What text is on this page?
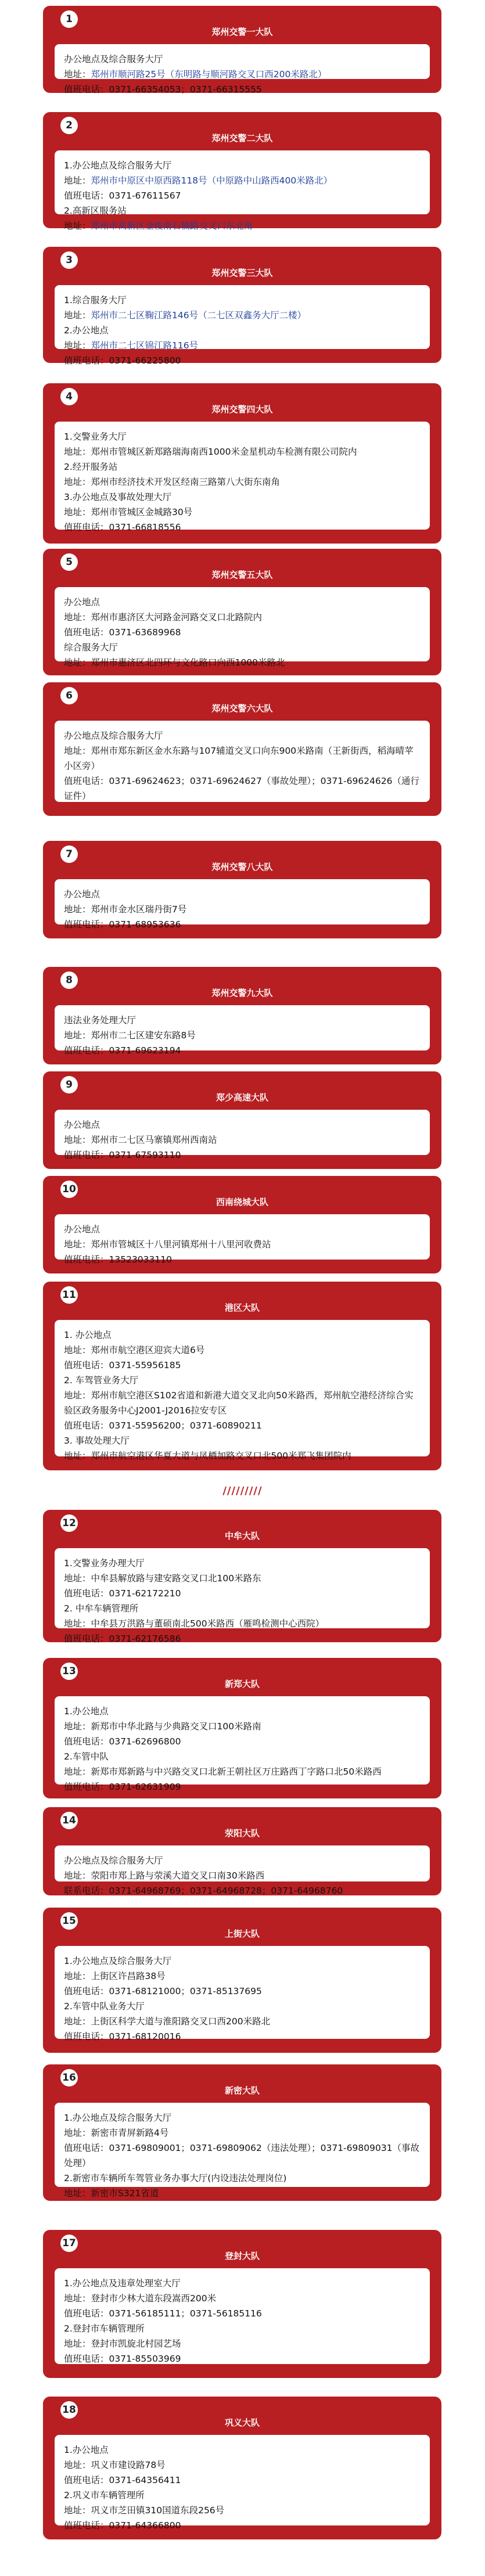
1
郑州交警一大队
办公地点及综合服务大厅
地址：郑州市顺河路25号（东明路与顺河路交叉口西200米路北）
值班电话：0371-66354053；0371-66315555
2
郑州交警二大队
1.办公地点及综合服务大厅
地址：郑州市中原区中原西路118号（中原路中山路西400米路北）
值班电话：0371-67611567
2.高新区服务站
地址：郑州市高新区金梭南石楠路交叉口东北角
3
郑州交警三大队
1.综合服务大厅
地址：郑州市二七区鞠江路146号（二七区双鑫务大厅二楼）
2.办公地点
地址：郑州市二七区锦江路116号
值班电话：0371-66225800
4
郑州交警四大队
1.交警业务大厅
地址：郑州市管城区新郑路瑞海南西1000米金星机动车检测有限公司院内
2.经开服务站
地址：郑州市经济技术开发区经南三路第八大街东南角
3.办公地点及事故处理大厅
地址：郑州市管城区金城路30号
值班电话：0371-66818556
5
郑州交警五大队
办公地点
地址：郑州市惠济区大河路金河路交叉口北路院内
值班电话：0371-63689968
综合服务大厅
地址：郑州市惠济区北四环与文化路口向西1000米路北
6
郑州交警六大队
办公地点及综合服务大厅
地址：郑州市郑东新区金水东路与107辅道交叉口向东900米路南（王新街西，稻海晴苹小区旁）
值班电话：0371-69624623；0371-69624627（事故处理）；0371-69624626（通行证件）
7
郑州交警八大队
办公地点
地址：郑州市金水区瑞丹街7号
值班电话：0371-68953636
8
郑州交警九大队
违法业务处理大厅
地址：郑州市二七区建安东路8号
值班电话：0371-69623194
9
郑少高速大队
办公地点
地址：郑州市二七区马寨镇郑州西南站
值班电话：0371-67593110
10
西南绕城大队
办公地点
地址：郑州市管城区十八里河镇郑州十八里河收费站
值班电话：13523033110
11
港区大队
1. 办公地点
地址：郑州市航空港区迎宾大道6号
值班电话：0371-55956185
2. 车驾管业务大厅
地址：郑州市航空港区S102省道和新港大道交叉北向50米路西，郑州航空港经济综合实验区政务服务中心J2001-J2016拉安专区
值班电话：0371-55956200；0371-60890211
3. 事故处理大厅
地址：郑州市航空港区华夏大道与凤栖加路交叉口北500米郑飞集团院内
/////////
12
中牟大队
1.交警业务办理大厅
地址：中牟县解放路与建安路交叉口北100米路东
值班电话：0371-62172210
2. 中牟车辆管理所
地址：中牟县万洪路与董硕南北500米路西（雁鸣检测中心西院）
值班电话：0371-62176586
13
新郑大队
1.办公地点
地址：新郑市中华北路与少典路交叉口100米路南
值班电话：0371-62696800
2.车管中队
地址：新郑市郑新路与中兴路交叉口北新王朝社区万庄路西丁字路口北50米路西
值班电话：0371-62631909
14
荥阳大队
办公地点及综合服务大厅
地址：荥阳市郑上路与荥溪大道交叉口南30米路西
联系电话：0371-64968769；0371-64968728；0371-64968760
15
上街大队
1.办公地点及综合服务大厅
地址：上街区许昌路38号
值班电话：0371-68121000；0371-85137695
2.车管中队业务大厅
地址：上街区科学大道与淮阳路交叉口西200米路北
值班电话：0371-68120016
16
新密大队
1.办公地点及综合服务大厅
地址：新密市青屏新路4号
值班电话：0371-69809001；0371-69809062（违法处理）；0371-69809031（事故处理）
2.新密市车辆所车驾管业务办事大厅(内设违法处理岗位)
地址：新密市S321省道
17
登封大队
1.办公地点及违章处理室大厅
地址：登封市少林大道东段嵩西200米
值班电话：0371-56185111；0371-56185116
2.登封市车辆管理所
地址：登封市凯旋北村园艺场
值班电话：0371-85503969
18
巩义大队
1.办公地点
地址：巩义市建设路78号
值班电话：0371-64356411
2.巩义市车辆管理所
地址：巩义市芝田镇310国道东段256号
值班电话：0371-64366800
